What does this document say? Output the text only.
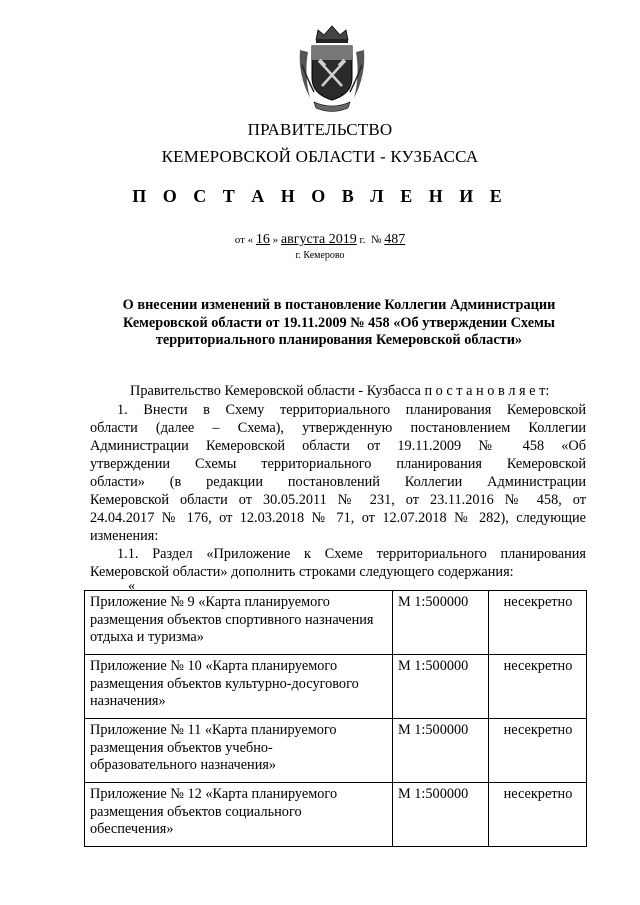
ПРАВИТЕЛЬСТВО
КЕМЕРОВСКОЙ ОБЛАСТИ - КУЗБАССА
П О С Т А Н О В Л Е Н И Е
от « 16 » августа 2019 г. № 487
г. Кемерово
О внесении изменений в постановление Коллегии Администрации
Кемеровской области от 19.11.2009 № 458 «Об утверждении Схемы
территориального планирования Кемеровской области»
Правительство Кемеровской области - Кузбасса п о с т а н о в л я е т:
1. Внести в Схему территориального планирования Кемеровской
области (далее – Схема), утвержденную постановлением Коллегии
Администрации Кемеровской области от 19.11.2009 № 458 «Об
утверждении Схемы территориального планирования Кемеровской
области» (в редакции постановлений Коллегии Администрации
Кемеровской области от 30.05.2011 № 231, от 23.11.2016 № 458, от
24.04.2017 № 176, от 12.03.2018 № 71, от 12.07.2018 № 282), следующие
изменения:
1.1. Раздел «Приложение к Схеме территориального планирования
Кемеровской области» дополнить строками следующего содержания:
«
Приложение № 9 «Карта планируемого
размещения объектов спортивного назначения
отдыха и туризма»	М 1:500000	несекретно

Приложение № 10 «Карта планируемого
размещения объектов культурно-досугового
назначения»	М 1:500000	несекретно

Приложение № 11 «Карта планируемого
размещения объектов учебно-
образовательного назначения»	М 1:500000	несекретно

Приложение № 12 «Карта планируемого
размещения объектов социального
обеспечения»	М 1:500000	несекретно
